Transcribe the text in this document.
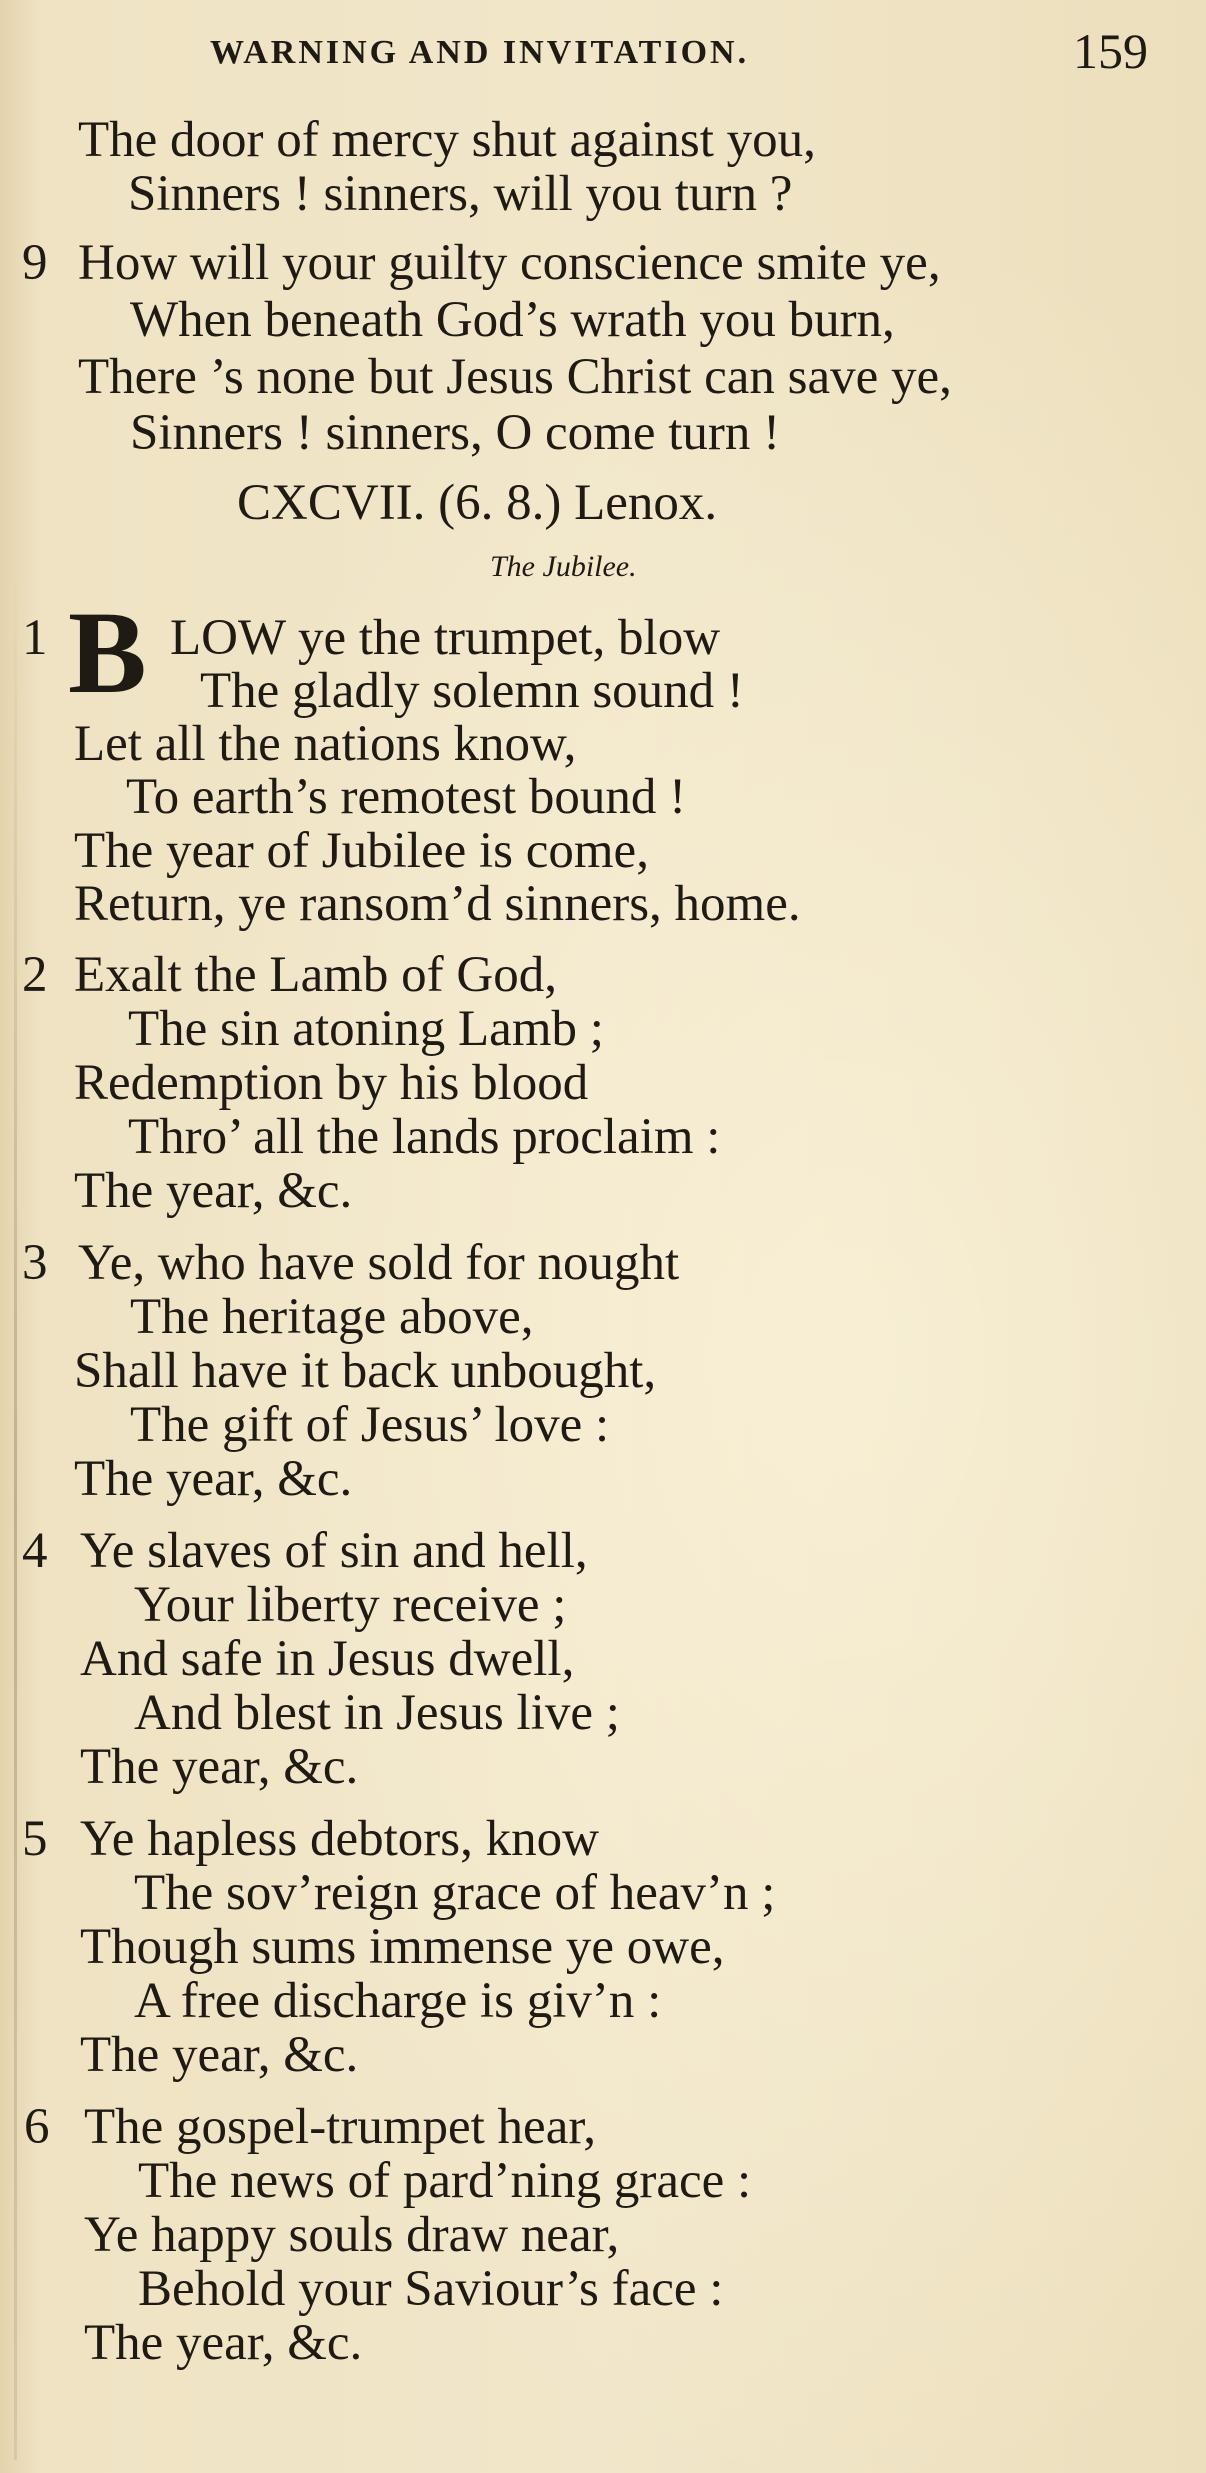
WARNING AND INVITATION.	159
The door of mercy shut against you,
Sinners ! sinners, will you turn ?
9 How will your guilty conscience smite ye,
When beneath God’s wrath you burn,
There ’s none but Jesus Christ can save ye,
Sinners ! sinners, O come turn !
CXCVII. (6. 8.) Lenox.
The Jubilee.
1 B LOW ye the trumpet, blow
The gladly solemn sound !
Let all the nations know,
To earth’s remotest bound !
The year of Jubilee is come,
Return, ye ransom’d sinners, home.
2 Exalt the Lamb of God,
The sin atoning Lamb ;
Redemption by his blood
Thro’ all the lands proclaim :
The year, &c.
3 Ye, who have sold for nought
The heritage above,
Shall have it back unbought,
The gift of Jesus’ love :
The year, &c.
4 Ye slaves of sin and hell,
Your liberty receive ;
And safe in Jesus dwell,
And blest in Jesus live ;
The year, &c.
5 Ye hapless debtors, know
The sov’reign grace of heav’n ;
Though sums immense ye owe,
A free discharge is giv’n :
The year, &c.
6 The gospel-trumpet hear,
The news of pard’ning grace :
Ye happy souls draw near,
Behold your Saviour’s face :
The year, &c.
